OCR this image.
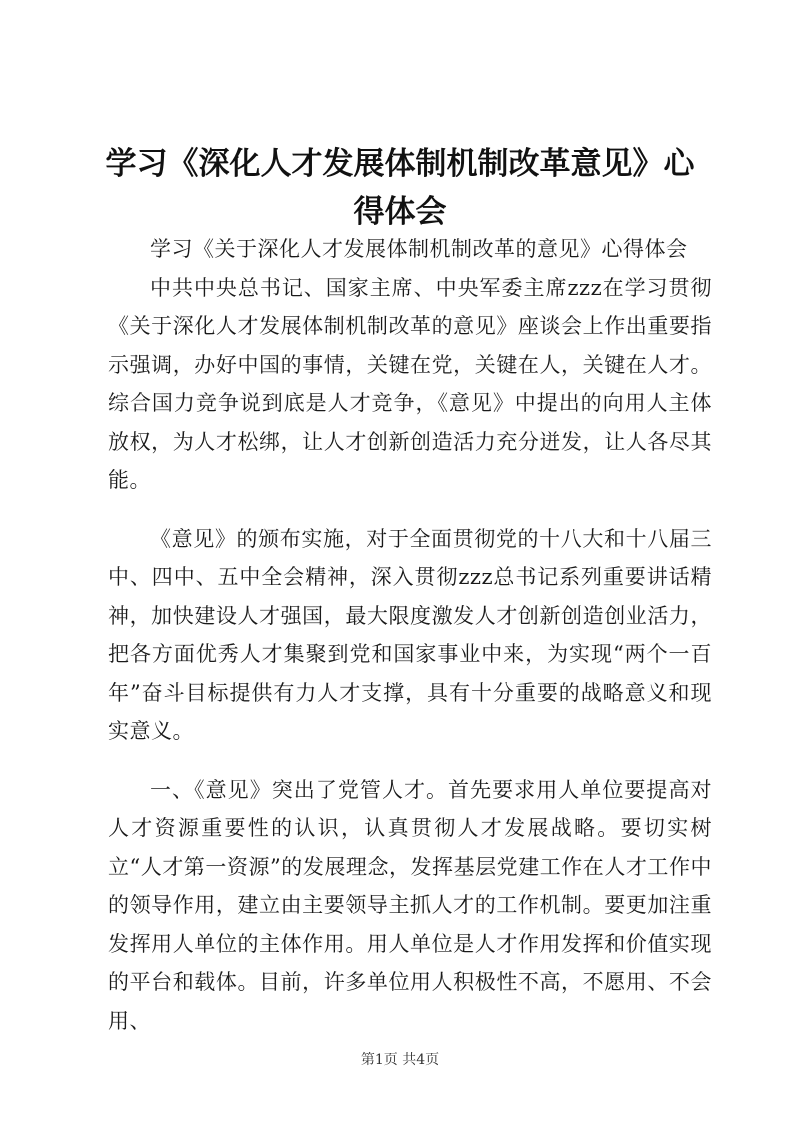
学习《深化人才发展体制机制改革意见》心得体会

学习《关于深化人才发展体制机制改革的意见》心得体会

中共中央总书记、国家主席、中央军委主席zzz在学习贯彻《关于深化人才发展体制机制改革的意见》座谈会上作出重要指示强调，办好中国的事情，关键在党，关键在人，关键在人才。综合国力竞争说到底是人才竞争，《意见》中提出的向用人主体放权，为人才松绑，让人才创新创造活力充分迸发，让人各尽其能。

《意见》的颁布实施，对于全面贯彻党的十八大和十八届三中、四中、五中全会精神，深入贯彻zzz总书记系列重要讲话精神，加快建设人才强国，最大限度激发人才创新创造创业活力，把各方面优秀人才集聚到党和国家事业中来，为实现“两个一百年”奋斗目标提供有力人才支撑，具有十分重要的战略意义和现实意义。

一、《意见》突出了党管人才。首先要求用人单位要提高对人才资源重要性的认识，认真贯彻人才发展战略。要切实树立“人才第一资源”的发展理念，发挥基层党建工作在人才工作中的领导作用，建立由主要领导主抓人才的工作机制。要更加注重发挥用人单位的主体作用。用人单位是人才作用发挥和价值实现的平台和载体。目前，许多单位用人积极性不高，不愿用、不会用、

第1页 共4页
